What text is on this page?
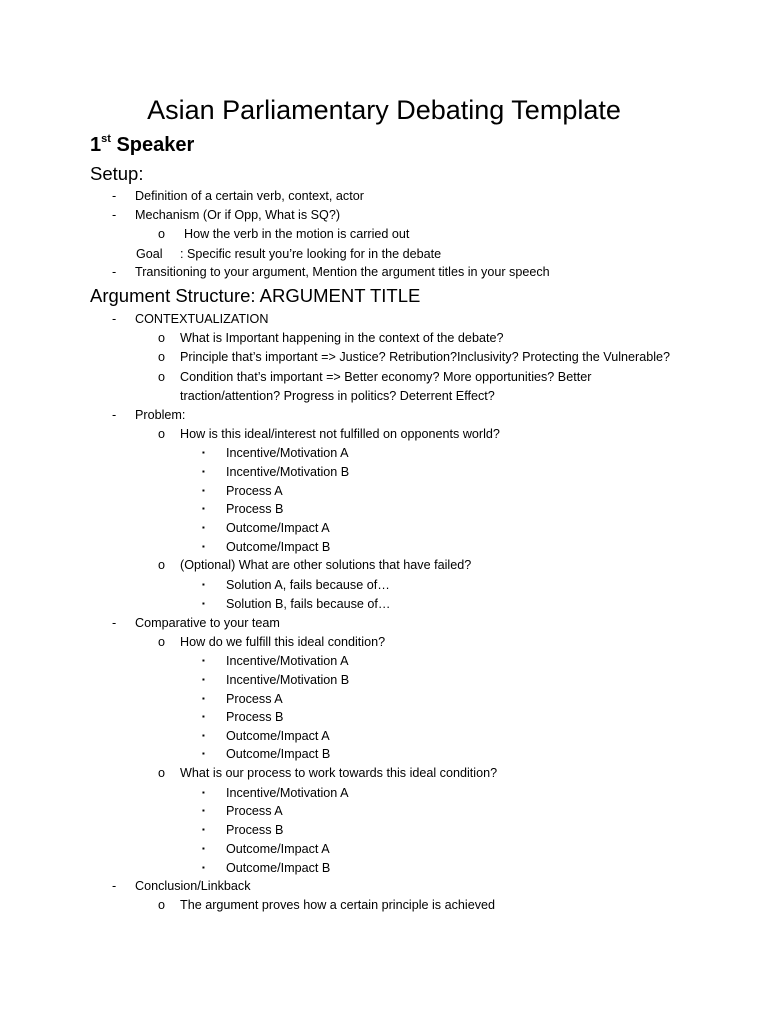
Asian Parliamentary Debating Template
1st Speaker
Setup:
- Definition of a certain verb, context, actor
- Mechanism (Or if Opp, What is SQ?)
o How the verb in the motion is carried out
Goal : Specific result you’re looking for in the debate
- Transitioning to your argument, Mention the argument titles in your speech
Argument Structure: ARGUMENT TITLE
- CONTEXTUALIZATION
o What is Important happening in the context of the debate?
o Principle that’s important => Justice? Retribution?Inclusivity? Protecting the Vulnerable?
o Condition that’s important => Better economy? More opportunities? Better
traction/attention? Progress in politics? Deterrent Effect?
- Problem:
o How is this ideal/interest not fulfilled on opponents world?
▪ Incentive/Motivation A
▪ Incentive/Motivation B
▪ Process A
▪ Process B
▪ Outcome/Impact A
▪ Outcome/Impact B
o (Optional) What are other solutions that have failed?
▪ Solution A, fails because of…
▪ Solution B, fails because of…
- Comparative to your team
o How do we fulfill this ideal condition?
▪ Incentive/Motivation A
▪ Incentive/Motivation B
▪ Process A
▪ Process B
▪ Outcome/Impact A
▪ Outcome/Impact B
o What is our process to work towards this ideal condition?
▪ Incentive/Motivation A
▪ Process A
▪ Process B
▪ Outcome/Impact A
▪ Outcome/Impact B
- Conclusion/Linkback
o The argument proves how a certain principle is achieved
